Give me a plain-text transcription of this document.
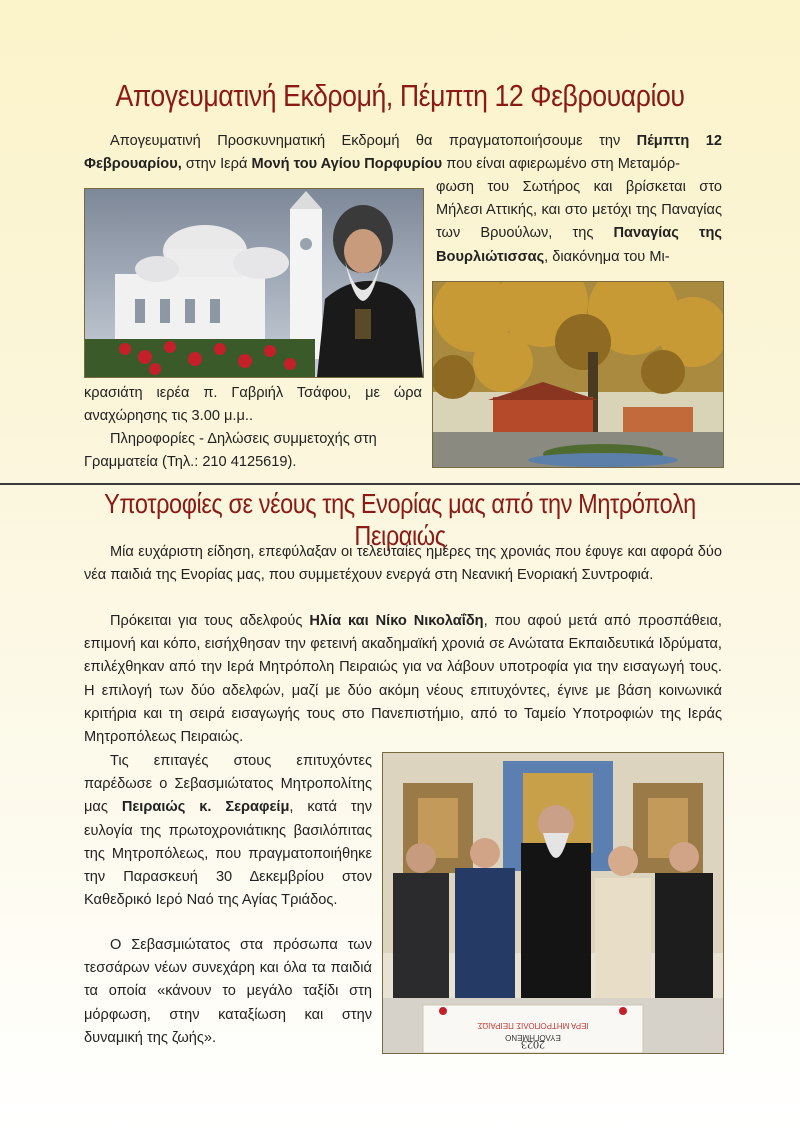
Απογευματινή Εκδρομή, Πέμπτη 12 Φεβρουαρίου

Απογευματινή Προσκυνηματική Εκδρομή θα πραγματοποιήσουμε την Πέμπτη 12 Φεβρουαρίου, στην Ιερά Μονή του Αγίου Πορφυρίου που είναι αφιερωμένο στη Μεταμόρ-

φωση του Σωτήρος και βρίσκεται στο Μήλεσι Αττικής, και στο μετόχι της Παναγίας των Βρυούλων, της Παναγίας της Βουρλιώτισσας, διακόνημα του Μι-

κρασιάτη ιερέα π. Γαβριήλ Τσάφου, με ώρα αναχώρησης τις 3.00 μ.μ..

Πληροφορίες - Δηλώσεις συμμετοχής στη Γραμματεία (Τηλ.: 210 4125619).

Υποτροφίες σε νέους της Ενορίας μας από την Μητρόπολη Πειραιώς

Μία ευχάριστη είδηση, επεφύλαξαν οι τελευταίες ημέρες της χρονιάς που έφυγε και αφορά δύο νέα παιδιά της Ενορίας μας, που συμμετέχουν ενεργά στη Νεανική Ενοριακή Συντροφιά.

Πρόκειται για τους αδελφούς Ηλία και Νίκο Νικολαΐδη, που αφού μετά από προσπάθεια, επιμονή και κόπο, εισήχθησαν την φετεινή ακαδημαϊκή χρονιά σε Ανώτατα Εκπαιδευτικά Ιδρύματα, επιλέχθηκαν από την Ιερά Μητρόπολη Πειραιώς για να λάβουν υποτροφία για την εισαγωγή τους. Η επιλογή των δύο αδελφών, μαζί με δύο ακόμη νέους επιτυχόντες, έγινε με βάση κοινωνικά κριτήρια και τη σειρά εισαγωγής τους στο Πανεπιστήμιο, από το Ταμείο Υποτροφιών της Ιεράς Μητροπόλεως Πειραιώς.

Τις επιταγές στους επιτυχόντες παρέδωσε ο Σεβασμιώτατος Μητροπολίτης μας Πειραιώς κ. Σεραφείμ, κατά την ευλογία της πρωτοχρονιάτικης βασιλόπιτας της Μητροπόλεως, που πραγματοποιήθηκε την Παρασκευή 30 Δεκεμβρίου στον Καθεδρικό Ιερό Ναό της Αγίας Τριάδος.

Ο Σεβασμιώτατος στα πρόσωπα των τεσσάρων νέων συνεχάρη και όλα τα παιδιά τα οποία «κάνουν το μεγάλο ταξίδι στη μόρφωση, στην καταξίωση και στην δυναμική της ζωής».

ΙΕΡΑ ΜΗΤΡΟΠΟΛΙΣ ΠΕΙΡΑΙΩΣ
ΕΥΛΟΓΗΜΕΝΟ
2023
